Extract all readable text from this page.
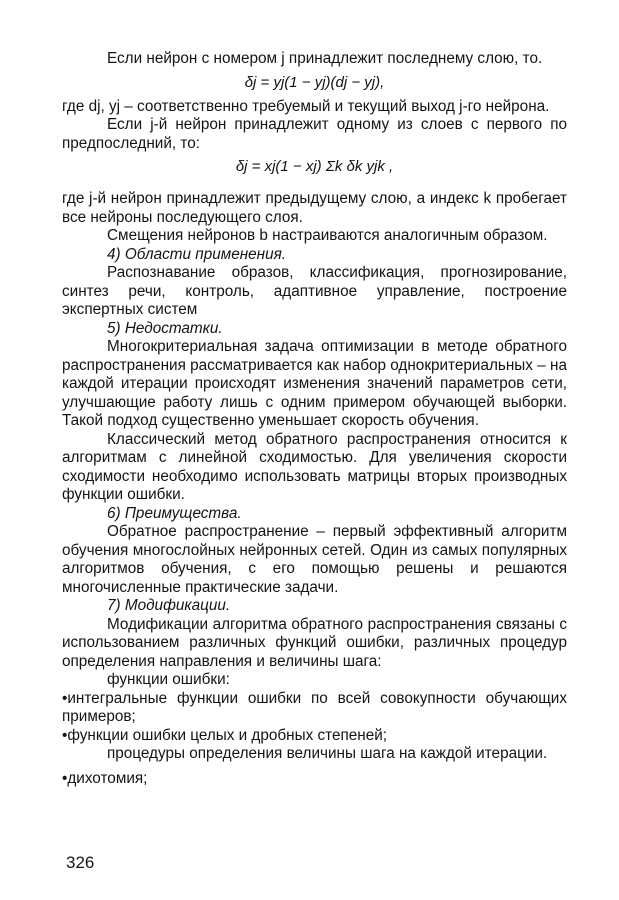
Если нейрон с номером j принадлежит последнему слою, то.

δj = yj(1 − yj)(dj − yj),

где dj, yj – соответственно требуемый и текущий выход j-го нейрона.

Если j-й нейрон принадлежит одному из слоев с первого по предпоследний, то:

δj = xj(1 − xj) Σk δk yjk ,

где j-й нейрон принадлежит предыдущему слою, а индекс k пробегает все нейроны последующего слоя.

Смещения нейронов b настраиваются аналогичным образом.

4) Области применения.

Распознавание образов, классификация, прогнозирование, синтез речи, контроль, адаптивное управление, построение экспертных систем

5) Недостатки.

Многокритериальная задача оптимизации в методе обратного распространения рассматривается как набор однокритериальных – на каждой итерации происходят изменения значений параметров сети, улучшающие работу лишь с одним примером обучающей выборки. Такой подход существенно уменьшает скорость обучения.

Классический метод обратного распространения относится к алгоритмам с линейной сходимостью. Для увеличения скорости сходимости необходимо использовать матрицы вторых производных функции ошибки.

6) Преимущества.

Обратное распространение – первый эффективный алгоритм обучения многослойных нейронных сетей. Один из самых популярных алгоритмов обучения, с его помощью решены и решаются многочисленные практические задачи.

7) Модификации.

Модификации алгоритма обратного распространения связаны с использованием различных функций ошибки, различных процедур определения направления и величины шага:

функции ошибки:

•интегральные функции ошибки по всей совокупности обучающих примеров;

•функции ошибки целых и дробных степеней;

процедуры определения величины шага на каждой итерации.

•дихотомия;

326
